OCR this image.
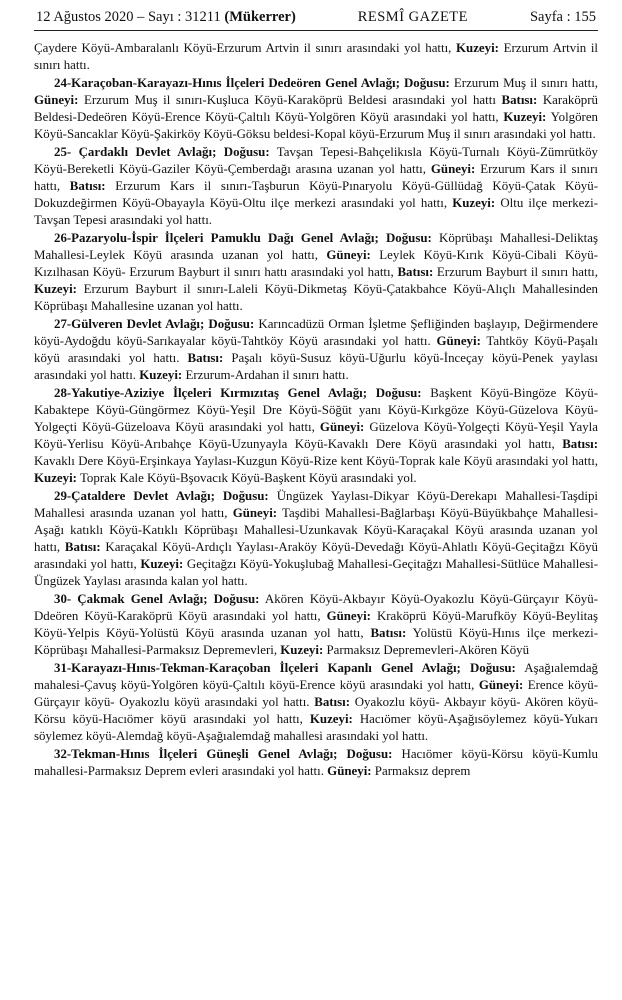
12 Ağustos 2020 – Sayı : 31211 (Mükerrer)	RESMÎ GAZETE	Sayfa : 155

Çaydere Köyü-Ambaralanlı Köyü-Erzurum Artvin il sınırı arasındaki yol hattı, Kuzeyi: Erzurum Artvin il sınırı hattı.

24-Karaçoban-Karayazı-Hınıs İlçeleri Dedeören Genel Avlağı; Doğusu: Erzurum Muş il sınırı hattı, Güneyi: Erzurum Muş il sınırı-Kuşluca Köyü-Karaköprü Beldesi arasındaki yol hattı Batısı: Karaköprü Beldesi-Dedeören Köyü-Erence Köyü-Çaltılı Köyü-Yolgören Köyü arasındaki yol hattı, Kuzeyi: Yolgören Köyü-Sancaklar Köyü-Şakirköy Köyü-Göksu beldesi-Kopal köyü-Erzurum Muş il sınırı arasındaki yol hattı.

25- Çardaklı Devlet Avlağı; Doğusu: Tavşan Tepesi-Bahçelikısla Köyü-Turnalı Köyü-Zümrütköy Köyü-Bereketli Köyü-Gaziler Köyü-Çemberdağı arasına uzanan yol hattı, Güneyi: Erzurum Kars il sınırı hattı, Batısı: Erzurum Kars il sınırı-Taşburun Köyü-Pınaryolu Köyü-Güllüdağ Köyü-Çatak Köyü-Dokuzdeğirmen Köyü-Obayayla Köyü-Oltu ilçe merkezi arasındaki yol hattı, Kuzeyi: Oltu ilçe merkezi-Tavşan Tepesi arasındaki yol hattı.

26-Pazaryolu-İspir İlçeleri Pamuklu Dağı Genel Avlağı; Doğusu: Köprübaşı Mahallesi-Deliktaş Mahallesi-Leylek Köyü arasında uzanan yol hattı, Güneyi: Leylek Köyü-Kırık Köyü-Cibali Köyü-Kızılhasan Köyü- Erzurum Bayburt il sınırı hattı arasındaki yol hattı, Batısı: Erzurum Bayburt il sınırı hattı, Kuzeyi: Erzurum Bayburt il sınırı-Laleli Köyü-Dikmetaş Köyü-Çatakbahce Köyü-Alıçlı Mahallesinden Köprübaşı Mahallesine uzanan yol hattı.

27-Gülveren Devlet Avlağı; Doğusu: Karıncadüzü Orman İşletme Şefliğinden başlayıp, Değirmendere köyü-Aydoğdu köyü-Sarıkayalar köyü-Tahtköy Köyü arasındaki yol hattı. Güneyi: Tahtköy Köyü-Paşalı köyü arasındaki yol hattı. Batısı: Paşalı köyü-Susuz köyü-Uğurlu köyü-İnceçay köyü-Penek yaylası arasındaki yol hattı. Kuzeyi: Erzurum-Ardahan il sınırı hattı.

28-Yakutiye-Aziziye İlçeleri Kırmızıtaş Genel Avlağı; Doğusu: Başkent Köyü-Bingöze Köyü- Kabaktepe Köyü-Güngörmez Köyü-Yeşil Dre Köyü-Söğüt yanı Köyü-Kırkgöze Köyü-Güzelova Köyü-Yolgeçti Köyü-Güzeloava Köyü arasındaki yol hattı, Güneyi: Güzelova Köyü-Yolgeçti Köyü-Yeşil Yayla Köyü-Yerlisu Köyü-Arıbahçe Köyü-Uzunyayla Köyü-Kavaklı Dere Köyü arasındaki yol hattı, Batısı: Kavaklı Dere Köyü-Erşinkaya Yaylası-Kuzgun Köyü-Rize kent Köyü-Toprak kale Köyü arasındaki yol hattı, Kuzeyi: Toprak Kale Köyü-Bşovacık Köyü-Başkent Köyü arasındaki yol.

29-Çataldere Devlet Avlağı; Doğusu: Üngüzek Yaylası-Dikyar Köyü-Derekapı Mahallesi-Taşdipi Mahallesi arasında uzanan yol hattı, Güneyi: Taşdibi Mahallesi-Bağlarbaşı Köyü-Büyükbahçe Mahallesi-Aşağı katıklı Köyü-Katıklı Köprübaşı Mahallesi-Uzunkavak Köyü-Karaçakal Köyü arasında uzanan yol hattı, Batısı: Karaçakal Köyü-Ardıçlı Yaylası-Araköy Köyü-Devedağı Köyü-Ahlatlı Köyü-Geçitağzı Köyü arasındaki yol hattı, Kuzeyi: Geçitağzı Köyü-Yokuşlubağ Mahallesi-Geçitağzı Mahallesi-Sütlüce Mahallesi-Üngüzek Yaylası arasında kalan yol hattı.

30- Çakmak Genel Avlağı; Doğusu: Akören Köyü-Akbayır Köyü-Oyakozlu Köyü-Gürçayır Köyü-Ddeören Köyü-Karaköprü Köyü arasındaki yol hattı, Güneyi: Kraköprü Köyü-Marufköy Köyü-Beylitaş Köyü-Yelpis Köyü-Yolüstü Köyü arasında uzanan yol hattı, Batısı: Yolüstü Köyü-Hınıs ilçe merkezi-Köprübaşı Mahallesi-Parmaksız Depremevleri, Kuzeyi: Parmaksız Depremevleri-Akören Köyü

31-Karayazı-Hınıs-Tekman-Karaçoban İlçeleri Kapanlı Genel Avlağı; Doğusu: Aşağıalemdağ mahalesi-Çavuş köyü-Yolgören köyü-Çaltılı köyü-Erence köyü arasındaki yol hattı, Güneyi: Erence köyü-Gürçayır köyü- Oyakozlu köyü arasındaki yol hattı. Batısı: Oyakozlu köyü- Akbayır köyü- Akören köyü-Körsu köyü-Hacıömer köyü arasındaki yol hattı, Kuzeyi: Hacıömer köyü-Aşağısöylemez köyü-Yukarı söylemez köyü-Alemdağ köyü-Aşağıalemdağ mahallesi arasındaki yol hattı.

32-Tekman-Hınıs İlçeleri Güneşli Genel Avlağı; Doğusu: Hacıömer köyü-Körsu köyü-Kumlu mahallesi-Parmaksız Deprem evleri arasındaki yol hattı. Güneyi: Parmaksız deprem
